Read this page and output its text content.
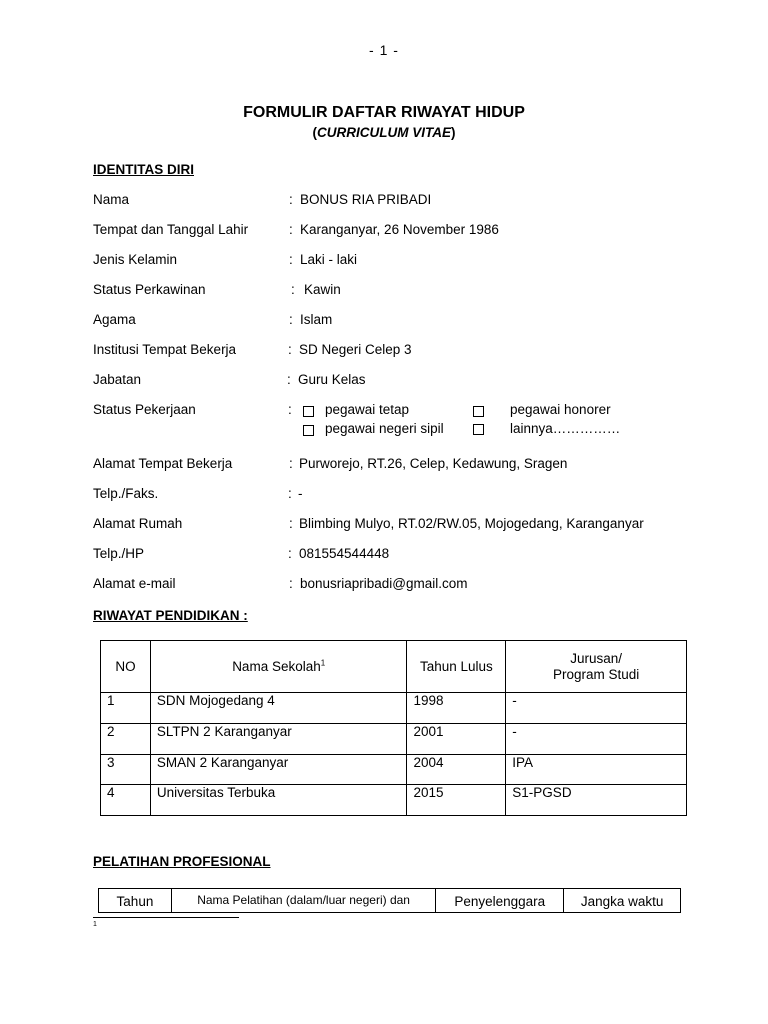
- 1 -
FORMULIR DAFTAR RIWAYAT HIDUP
(CURRICULUM VITAE)
IDENTITAS DIRI
Nama	: BONUS RIA PRIBADI
Tempat dan Tanggal Lahir	: Karanganyar, 26 November 1986
Jenis Kelamin	: Laki - laki
Status Perkawinan	: Kawin
Agama	: Islam
Institusi Tempat Bekerja	: SD Negeri Celep 3
Jabatan	: Guru Kelas
Status Pekerjaan	: pegawai tetap	pegawai honorer
pegawai negeri sipil	lainnya……………
Alamat Tempat Bekerja	: Purworejo, RT.26, Celep, Kedawung, Sragen
Telp./Faks.	: -
Alamat Rumah	: Blimbing Mulyo, RT.02/RW.05, Mojogedang, Karanganyar
Telp./HP	: 081554544448
Alamat e-mail	: bonusriapribadi@gmail.com
RIWAYAT PENDIDIKAN :
NO	Nama Sekolah$^1$	Tahun Lulus	Jurusan/
Program Studi

1	SDN Mojogedang 4	1998	-
2	SLTPN 2 Karanganyar	2001	-
3	SMAN 2 Karanganyar	2004	IPA
4	Universitas Terbuka	2015	S1-PGSD
PELATIHAN PROFESIONAL
Tahun	Nama Pelatihan (dalam/luar negeri) dan	Penyelenggara	Jangka waktu
1
